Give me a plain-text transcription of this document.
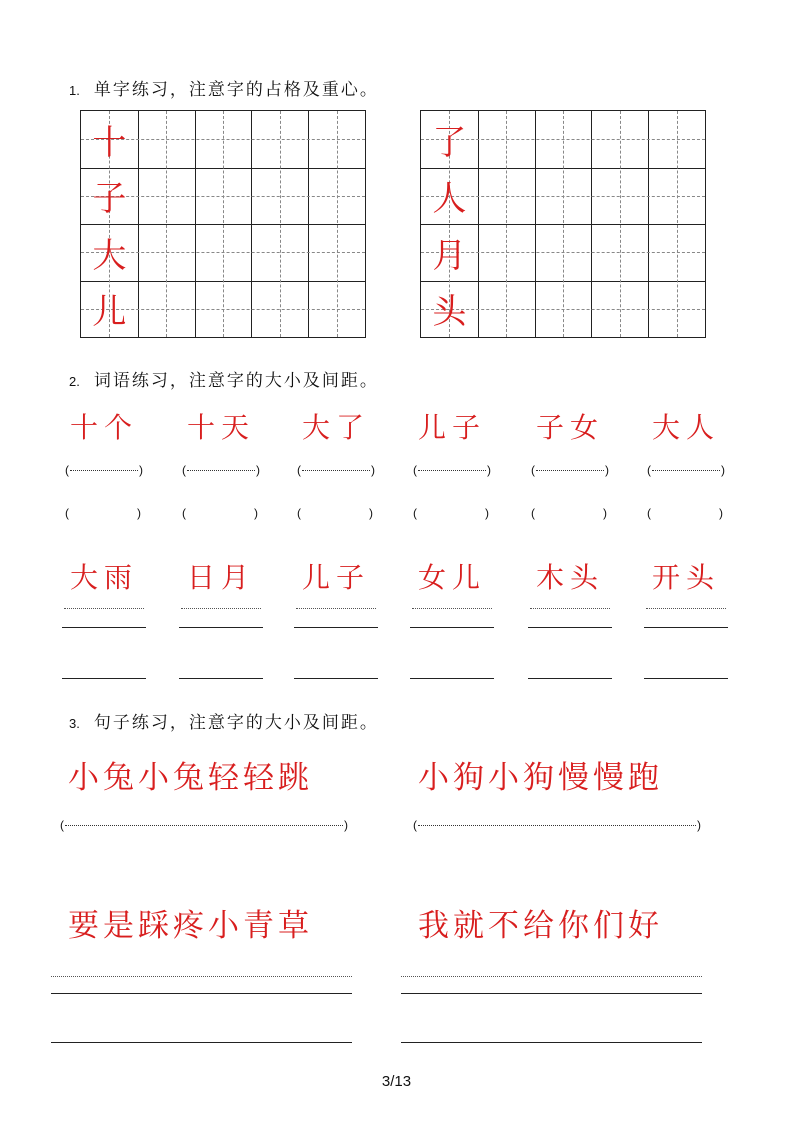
1. 单字练习，注意字的占格及重心。
十
子
大
儿
了
人
月
头
2. 词语练习，注意字的大小及间距。
十个
(	)
(	)
十天
(	)
(	)
大了
(	)
(	)
儿子
(	)
(	)
子女
(	)
(	)
大人
(	)
(	)
大雨 日月 儿子 女儿 木头 开头
3. 句子练习，注意字的大小及间距。
小兔小兔轻轻跳	小狗小狗慢慢跑
(	)	(	)
要是踩疼小青草	我就不给你们好
3/13
